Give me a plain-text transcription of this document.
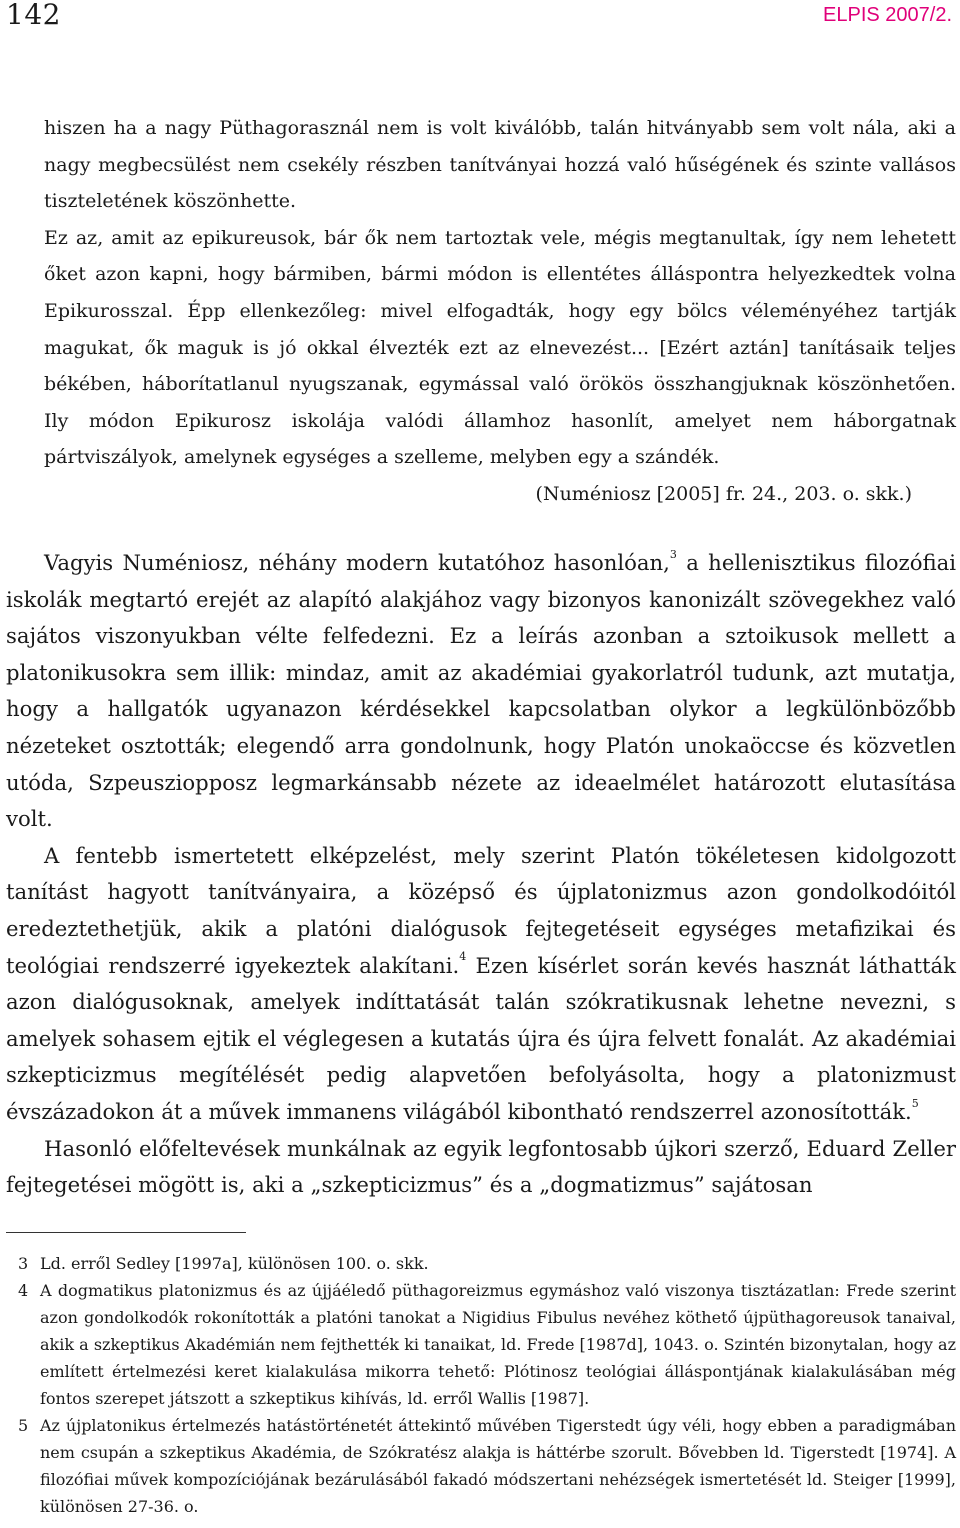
142	ELPIS 2007/2.

hiszen ha a nagy Püthagorasznál nem is volt kiválóbb, talán hitványabb sem volt nála, aki a nagy megbecsülést nem csekély részben tanítványai hozzá való hűségének és szinte vallásos tiszteletének köszönhette.

Ez az, amit az epikureusok, bár ők nem tartoztak vele, mégis megtanultak, így nem lehetett őket azon kapni, hogy bármiben, bármi módon is ellentétes álláspontra helyezkedtek volna Epikurosszal. Épp ellenkezőleg: mivel elfogadták, hogy egy bölcs véleményéhez tartják magukat, ők maguk is jó okkal élvezték ezt az elnevezést... [Ezért aztán] tanításaik teljes békében, háborítatlanul nyugszanak, egymással való örökös összhangjuknak köszönhetően. Ily módon Epikurosz iskolája valódi államhoz hasonlít, amelyet nem háborgatnak pártviszályok, amelynek egységes a szelleme, melyben egy a szándék.

(Numéniosz [2005] fr. 24., 203. o. skk.)

Vagyis Numéniosz, néhány modern kutatóhoz hasonlóan,$^3$ a hellenisztikus filozófiai iskolák megtartó erejét az alapító alakjához vagy bizonyos kanonizált szövegekhez való sajátos viszonyukban vélte felfedezni. Ez a leírás azonban a sztoikusok mellett a platonikusokra sem illik: mindaz, amit az akadémiai gyakorlatról tudunk, azt mutatja, hogy a hallgatók ugyanazon kérdésekkel kapcsolatban olykor a legkülönbözőbb nézeteket osztották; elegendő arra gondolnunk, hogy Platón unokaöccse és közvetlen utóda, Szpeusziopposz legmarkánsabb nézete az ideaelmélet határozott elutasítása volt.

A fentebb ismertetett elképzelést, mely szerint Platón tökéletesen kidolgozott tanítást hagyott tanítványaira, a középső és újplatonizmus azon gondolkodóitól eredeztethetjük, akik a platóni dialógusok fejtegetéseit egységes metafizikai és teológiai rendszerré igyekeztek alakítani.$^4$ Ezen kísérlet során kevés hasznát láthatták azon dialógusoknak, amelyek indíttatását talán szókratikusnak lehetne nevezni, s amelyek sohasem ejtik el véglegesen a kutatás újra és újra felvett fonalát. Az akadémiai szkepticizmus megítélését pedig alapvetően befolyásolta, hogy a platonizmust évszázadokon át a művek immanens világából kibontható rendszerrel azonosították.$^5$

Hasonló előfeltevések munkálnak az egyik legfontosabb újkori szerző, Eduard Zeller fejtegetései mögött is, aki a „szkepticizmus” és a „dogmatizmus” sajátosan

3 Ld. erről Sedley [1997a], különösen 100. o. skk.
4 A dogmatikus platonizmus és az újjáéledő püthagoreizmus egymáshoz való viszonya tisztázatlan: Frede szerint azon gondolkodók rokonították a platóni tanokat a Nigidius Fibulus nevéhez köthető újpüthagoreusok tanaival, akik a szkeptikus Akadémián nem fejthették ki tanaikat, ld. Frede [1987d], 1043. o. Szintén bizonytalan, hogy az említett értelmezési keret kialakulása mikorra tehető: Plótinosz teológiai álláspontjának kialakulásában még fontos szerepet játszott a szkeptikus kihívás, ld. erről Wallis [1987].
5 Az újplatonikus értelmezés hatástörténetét áttekintő művében Tigerstedt úgy véli, hogy ebben a paradigmában nem csupán a szkeptikus Akadémia, de Szókratész alakja is háttérbe szorult. Bővebben ld. Tigerstedt [1974]. A filozófiai művek kompozíciójának bezárulásából fakadó módszertani nehézségek ismertetését ld. Steiger [1999], különösen 27-36. o.
